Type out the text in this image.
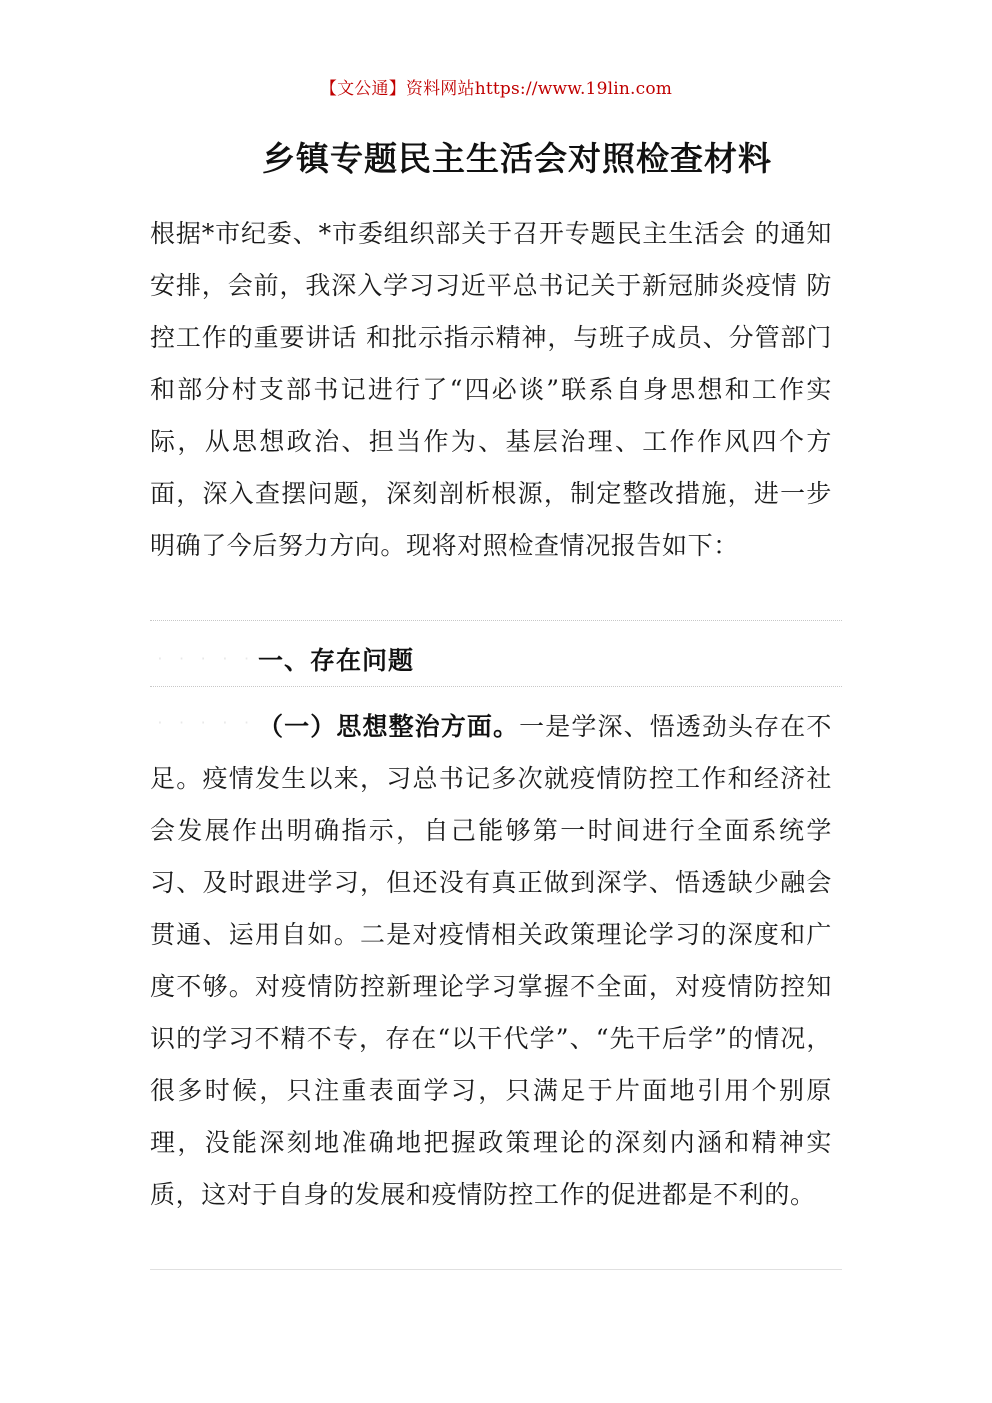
【文公通】资料网站https://www.19lin.com
乡镇专题民主生活会对照检查材料
根据*市纪委、*市委组织部关于召开专题民主生活会 的通知安排，会前，我深入学习习近平总书记关于新冠肺炎疫情 防控工作的重要讲话 和批示指示精神，与班子成员、分管部门和部分村支部书记进行了“四必谈”联系自身思想和工作实际，从思想政治、担当作为、基层治理、工作作风四个方面，深入查摆问题，深刻剖析根源，制定整改措施，进一步明确了今后努力方向。现将对照检查情况报告如下：
· · · · · 一、存在问题
· · · · · （一）思想整治方面。一是学深、悟透劲头存在不足。疫情发生以来，习总书记多次就疫情防控工作和经济社会发展作出明确指示，自己能够第一时间进行全面系统学习、及时跟进学习，但还没有真正做到深学、悟透缺少融会贯通、运用自如。二是对疫情相关政策理论学习的深度和广度不够。对疫情防控新理论学习掌握不全面，对疫情防控知识的学习不精不专，存在“以干代学”、“先干后学”的情况，很多时候，只注重表面学习，只满足于片面地引用个别原理，没能深刻地准确地把握政策理论的深刻内涵和精神实质，这对于自身的发展和疫情防控工作的促进都是不利的。
